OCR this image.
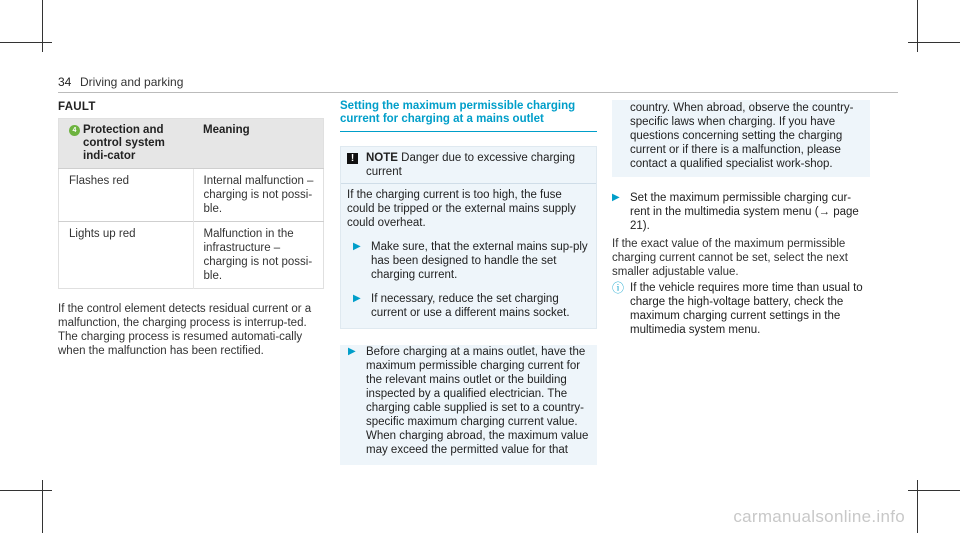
34 Driving and parking
FAULT
4 Protection and control system indi-cator	Meaning
Flashes red	Internal malfunction – charging is not possi-ble.
Lights up red	Malfunction in the infrastructure – charging is not possi-ble.
If the control element detects residual current or a malfunction, the charging process is interrup-ted. The charging process is resumed automati-cally when the malfunction has been rectified.
Setting the maximum permissible charging current for charging at a mains outlet
!	NOTE Danger due to excessive charging current
If the charging current is too high, the fuse could be tripped or the external mains supply could overheat.
▶ Make sure, that the external mains sup-ply has been designed to handle the set charging current.
▶ If necessary, reduce the set charging current or use a different mains socket.
▶ Before charging at a mains outlet, have the maximum permissible charging current for the relevant mains outlet or the building inspected by a qualified electrician. The charging cable supplied is set to a country-specific maximum charging current value. When charging abroad, the maximum value may exceed the permitted value for that
country. When abroad, observe the country-specific laws when charging. If you have questions concerning setting the charging current or if there is a malfunction, please contact a qualified specialist work-shop.
▶ Set the maximum permissible charging cur-rent in the multimedia system menu (→ page 21).
If the exact value of the maximum permissible charging current cannot be set, select the next smaller adjustable value.
ⓘ If the vehicle requires more time than usual to charge the high-voltage battery, check the maximum charging current settings in the multimedia system menu.
carmanualsonline.info
